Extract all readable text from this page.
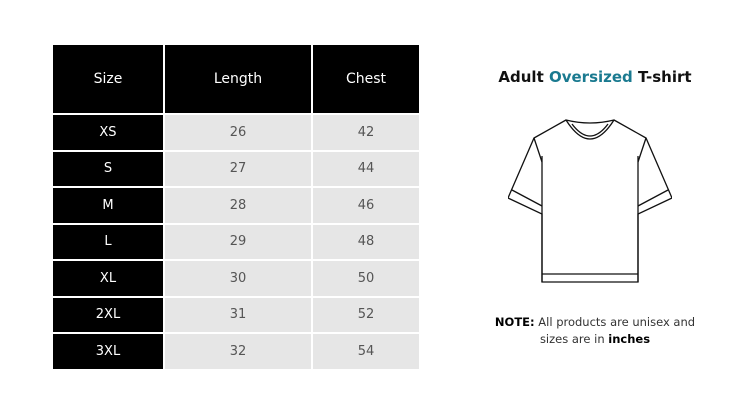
Size	Length	Chest
XS	26	42
S	27	44
M	28	46
L	29	48
XL	30	50
2XL	31	52
3XL	32	54
Adult Oversized T-shirt
NOTE: All products are unisex and sizes are in inches
